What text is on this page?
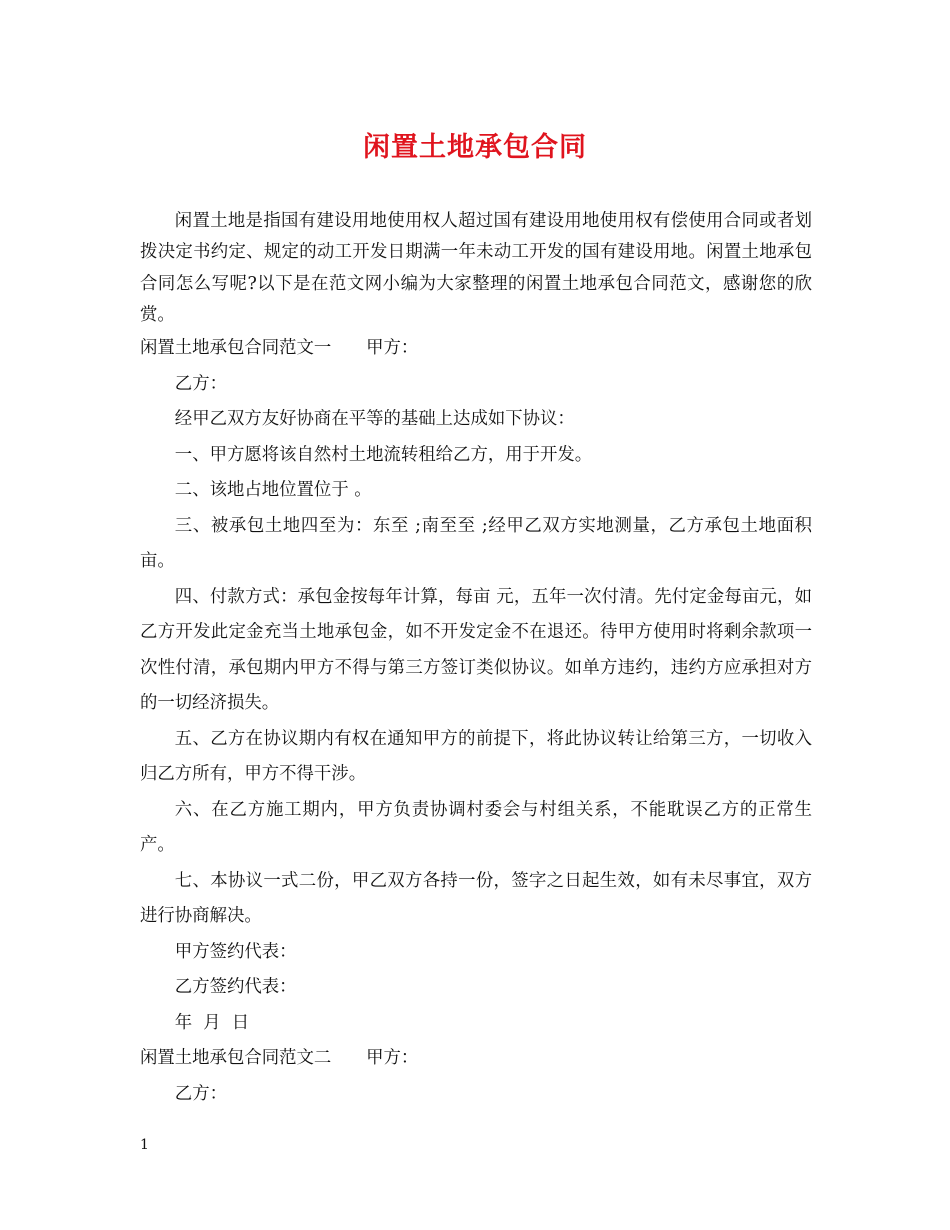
闲置土地承包合同

闲置土地是指国有建设用地使用权人超过国有建设用地使用权有偿使用合同或者划拨决定书约定、规定的动工开发日期满一年未动工开发的国有建设用地。闲置土地承包合同怎么写呢?以下是在范文网小编为大家整理的闲置土地承包合同范文，感谢您的欣赏。

闲置土地承包合同范文一　　甲方：

乙方：

经甲乙双方友好协商在平等的基础上达成如下协议：

一、甲方愿将该自然村土地流转租给乙方，用于开发。

二、该地占地位置位于 。

三、被承包土地四至为：东至 ;南至至 ;经甲乙双方实地测量，乙方承包土地面积 亩。

四、付款方式：承包金按每年计算，每亩 元，五年一次付清。先付定金每亩元，如乙方开发此定金充当土地承包金，如不开发定金不在退还。待甲方使用时将剩余款项一次性付清，承包期内甲方不得与第三方签订类似协议。如单方违约，违约方应承担对方的一切经济损失。

五、乙方在协议期内有权在通知甲方的前提下，将此协议转让给第三方，一切收入归乙方所有，甲方不得干涉。

六、在乙方施工期内，甲方负责协调村委会与村组关系，不能耽误乙方的正常生产。

七、本协议一式二份，甲乙双方各持一份，签字之日起生效，如有未尽事宜，双方进行协商解决。

甲方签约代表：

乙方签约代表：

年  月  日

闲置土地承包合同范文二　　甲方：

乙方：

1
